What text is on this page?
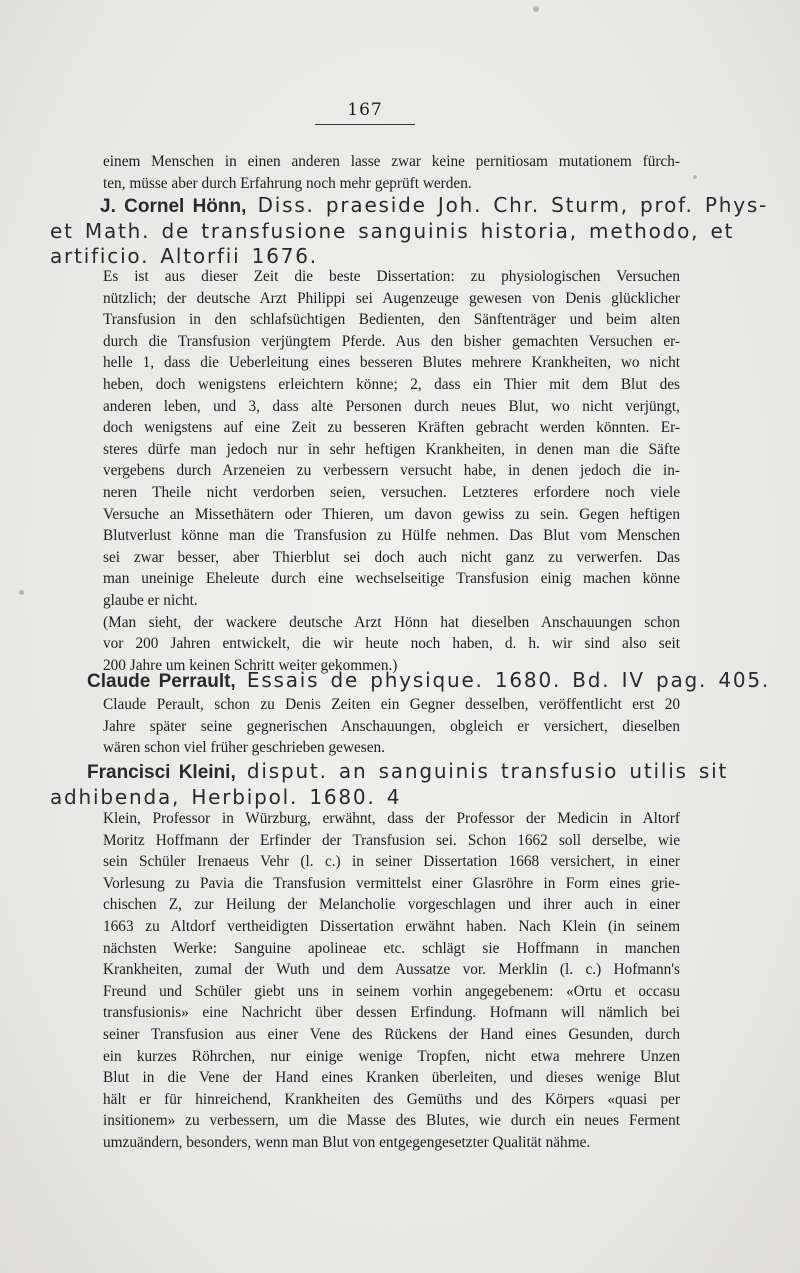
167
einem Menschen in einen anderen lasse zwar keine pernitiosam mutationem fürch-
ten, müsse aber durch Erfahrung noch mehr geprüft werden.
J. Cornel Hönn, Diss. praeside Joh. Chr. Sturm, prof. Phys-
et Math. de transfusione sanguinis historia, methodo, et
artificio. Altorfii 1676.
Es ist aus dieser Zeit die beste Dissertation: zu physiologischen Versuchen
nützlich; der deutsche Arzt Philippi sei Augenzeuge gewesen von Denis glücklicher
Transfusion in den schlafsüchtigen Bedienten, den Sänftenträger und beim alten
durch die Transfusion verjüngtem Pferde. Aus den bisher gemachten Versuchen er-
helle 1, dass die Ueberleitung eines besseren Blutes mehrere Krankheiten, wo nicht
heben, doch wenigstens erleichtern könne; 2, dass ein Thier mit dem Blut des
anderen leben, und 3, dass alte Personen durch neues Blut, wo nicht verjüngt,
doch wenigstens auf eine Zeit zu besseren Kräften gebracht werden könnten. Er-
steres dürfe man jedoch nur in sehr heftigen Krankheiten, in denen man die Säfte
vergebens durch Arzeneien zu verbessern versucht habe, in denen jedoch die in-
neren Theile nicht verdorben seien, versuchen. Letzteres erfordere noch viele
Versuche an Missethätern oder Thieren, um davon gewiss zu sein. Gegen heftigen
Blutverlust könne man die Transfusion zu Hülfe nehmen. Das Blut vom Menschen
sei zwar besser, aber Thierblut sei doch auch nicht ganz zu verwerfen. Das
man uneinige Eheleute durch eine wechselseitige Transfusion einig machen könne
glaube er nicht.
(Man sieht, der wackere deutsche Arzt Hönn hat dieselben Anschauungen schon
vor 200 Jahren entwickelt, die wir heute noch haben, d. h. wir sind also seit
200 Jahre um keinen Schritt weiter gekommen.)
Claude Perrault, Essais de physique. 1680. Bd. IV pag. 405.
Claude Perault, schon zu Denis Zeiten ein Gegner desselben, veröffentlicht erst 20
Jahre später seine gegnerischen Anschauungen, obgleich er versichert, dieselben
wären schon viel früher geschrieben gewesen.
Francisci Kleini, disput. an sanguinis transfusio utilis sit
adhibenda, Herbipol. 1680. 4
Klein, Professor in Würzburg, erwähnt, dass der Professor der Medicin in Altorf
Moritz Hoffmann der Erfinder der Transfusion sei. Schon 1662 soll derselbe, wie
sein Schüler Irenaeus Vehr (l. c.) in seiner Dissertation 1668 versichert, in einer
Vorlesung zu Pavia die Transfusion vermittelst einer Glasröhre in Form eines grie-
chischen Z, zur Heilung der Melancholie vorgeschlagen und ihrer auch in einer
1663 zu Altdorf vertheidigten Dissertation erwähnt haben. Nach Klein (in seinem
nächsten Werke: Sanguine apolineae etc. schlägt sie Hoffmann in manchen
Krankheiten, zumal der Wuth und dem Aussatze vor. Merklin (l. c.) Hofmann's
Freund und Schüler giebt uns in seinem vorhin angegebenem: «Ortu et occasu
transfusionis» eine Nachricht über dessen Erfindung. Hofmann will nämlich bei
seiner Transfusion aus einer Vene des Rückens der Hand eines Gesunden, durch
ein kurzes Röhrchen, nur einige wenige Tropfen, nicht etwa mehrere Unzen
Blut in die Vene der Hand eines Kranken überleiten, und dieses wenige Blut
hält er für hinreichend, Krankheiten des Gemüths und des Körpers «quasi per
insitionem» zu verbessern, um die Masse des Blutes, wie durch ein neues Ferment
umzuändern, besonders, wenn man Blut von entgegengesetzter Qualität nähme.
